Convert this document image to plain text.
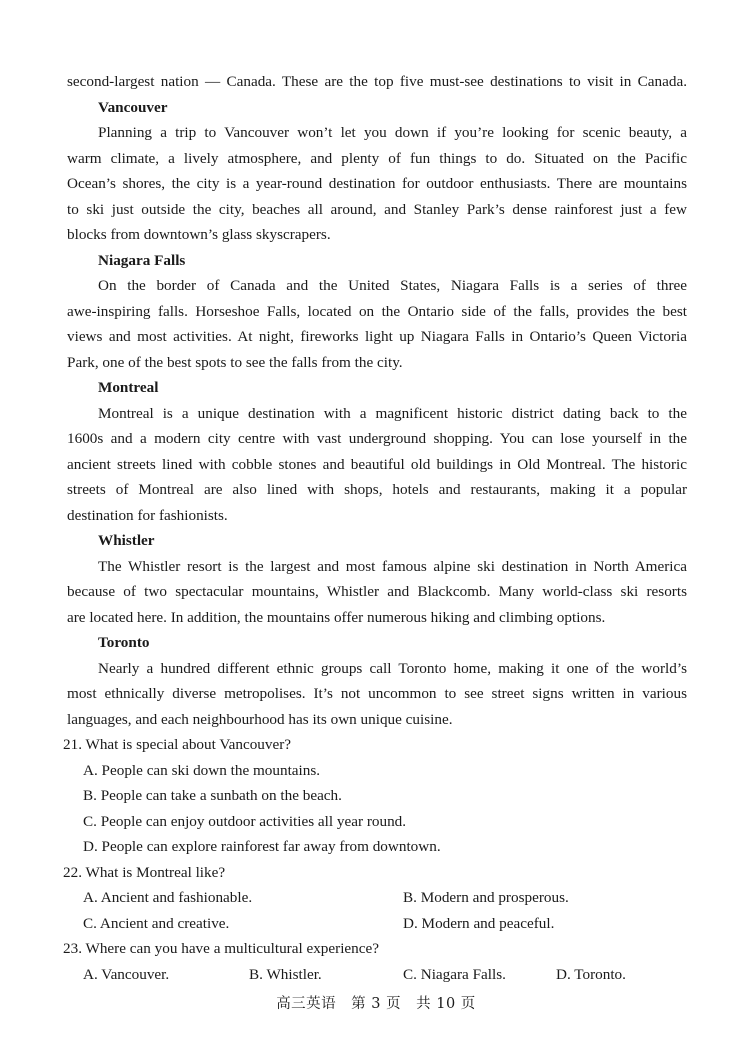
second-largest nation — Canada. These are the top five must-see destinations to visit in Canada.
Vancouver
Planning a trip to Vancouver won’t let you down if you’re looking for scenic beauty, a
warm climate, a lively atmosphere, and plenty of fun things to do. Situated on the Pacific
Ocean’s shores, the city is a year-round destination for outdoor enthusiasts. There are mountains
to ski just outside the city, beaches all around, and Stanley Park’s dense rainforest just a few
blocks from downtown’s glass skyscrapers.
Niagara Falls
On the border of Canada and the United States, Niagara Falls is a series of three
awe-inspiring falls. Horseshoe Falls, located on the Ontario side of the falls, provides the best
views and most activities. At night, fireworks light up Niagara Falls in Ontario’s Queen Victoria
Park, one of the best spots to see the falls from the city.
Montreal
Montreal is a unique destination with a magnificent historic district dating back to the
1600s and a modern city centre with vast underground shopping. You can lose yourself in the
ancient streets lined with cobble stones and beautiful old buildings in Old Montreal. The historic
streets of Montreal are also lined with shops, hotels and restaurants, making it a popular
destination for fashionists.
Whistler
The Whistler resort is the largest and most famous alpine ski destination in North America
because of two spectacular mountains, Whistler and Blackcomb. Many world-class ski resorts
are located here. In addition, the mountains offer numerous hiking and climbing options.
Toronto
Nearly a hundred different ethnic groups call Toronto home, making it one of the world’s
most ethnically diverse metropolises. It’s not uncommon to see street signs written in various
languages, and each neighbourhood has its own unique cuisine.
21. What is special about Vancouver?
A. People can ski down the mountains.
B. People can take a sunbath on the beach.
C. People can enjoy outdoor activities all year round.
D. People can explore rainforest far away from downtown.
22. What is Montreal like?
A. Ancient and fashionable.	B. Modern and prosperous.
C. Ancient and creative.	D. Modern and peaceful.
23. Where can you have a multicultural experience?
A. Vancouver.	B. Whistler.	C. Niagara Falls.	D. Toronto.
高三英语　第 3 页　共 10 页
